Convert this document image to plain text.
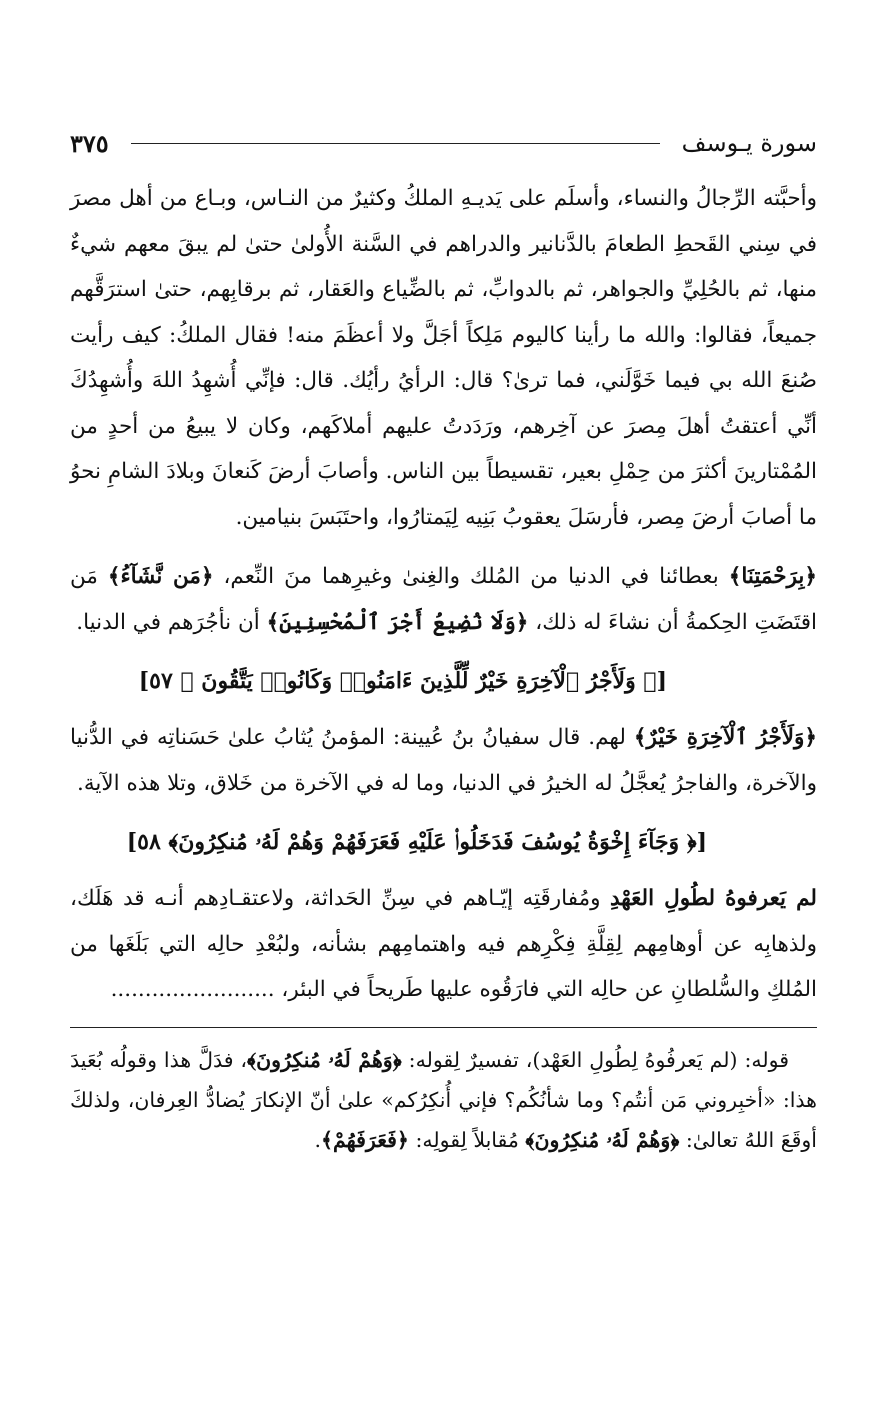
سورة يـوسف
٣٧٥

وأحبَّته الرِّجالُ والنساء، وأسلَم على يَديـهِ الملكُ وكثيرٌ من النـاس، وبـاع من أهل مصرَ في سِني القَحطِ الطعامَ بالدَّنانير والدراهم في السَّنة الأُولىٰ حتىٰ لم يبقَ معهم شيءٌ منها، ثم بالحُلِيِّ والجواهر، ثم بالدوابِّ، ثم بالضِّياع والعَقار، ثم برقابِهم، حتىٰ استرَقَّهم جميعاً، فقالوا: والله ما رأينا كاليوم مَلِكاً أجَلَّ ولا أعظَمَ منه! فقال الملكُ: كيف رأيت صُنعَ الله بي فيما خَوَّلَني، فما ترىٰ؟ قال: الرأيُ رأيُك. قال: فإنِّي أُشهِدُ اللهَ وأُشهِدُكَ أنِّي أعتقتُ أهلَ مِصرَ عن آخِرهم، ورَدَدتُ عليهم أملاكَهم، وكان لا يبيعُ من أحدٍ من المُمْتارينَ أكثرَ من حِمْلِ بعير، تقسيطاً بين الناس. وأصابَ أرضَ كَنعانَ وبلادَ الشامِ نحوُ ما أصابَ أرضَ مِصر، فأرسَلَ يعقوبُ بَنِيه لِيَمتارُوا، واحتَبَسَ بنيامين.

﴿بِرَحْمَتِنَا﴾ بعطائنا في الدنيا من المُلك والغِنىٰ وغيرِهما منَ النِّعم، ﴿مَن نَّشَآءُ﴾ مَن اقتَضَتِ الحِكمةُ أن نشاءَ له ذلك، ﴿وَلَا نُضِيعُ أَجْرَ ٱلْمُحْسِنِينَ﴾ أن نأجُرَهم في الدنيا.

[﴿ وَلَأَجْرُ ٱلْآخِرَةِ خَيْرٌ لِّلَّذِينَ ءَامَنُوا۟ وَكَانُوا۟ يَتَّقُونَ ﴾ ٥٧]

﴿وَلَأَجْرُ ٱلْآخِرَةِ خَيْرٌ﴾ لهم. قال سفيانُ بنُ عُيينة: المؤمنُ يُثابُ علىٰ حَسَناتِه في الدُّنيا والآخرة، والفاجرُ يُعجَّلُ له الخيرُ في الدنيا، وما له في الآخرة من خَلاق، وتلا هذه الآية.

[﴿ وَجَآءَ إِخْوَةُ يُوسُفَ فَدَخَلُوا۟ عَلَيْهِ فَعَرَفَهُمْ وَهُمْ لَهُۥ مُنكِرُونَ﴾ ٥٨]

لم يَعرفوهُ لطُولِ العَهْدِ ومُفارقَتِه إيّـاهم في سِنِّ الحَداثة، ولاعتقـادِهم أنـه قد هَلَك، ولذهابِه عن أوهامِهم لِقِلَّةِ فِكْرِهم فيه واهتمامِهم بشأنه، ولبُعْدِ حالِه التي بَلَغَها من المُلكِ والسُّلطانِ عن حالِه التي فارَقُوه عليها طَريحاً في البئر، ........................

قوله: (لم يَعرفُوهُ لِطُولِ العَهْد)، تفسيرٌ لِقوله: ﴿وَهُمْ لَهُۥ مُنكِرُونَ﴾، فدَلَّ هذا وقولُه بُعَيدَ هذا: «أخبِروني مَن أنتُم؟ وما شأنُكُم؟ فإني أُنكِرُكم» علىٰ أنّ الإنكارَ يُضادُّ العِرفان، ولذلكَ أوقَعَ اللهُ تعالىٰ: ﴿وَهُمْ لَهُۥ مُنكِرُونَ﴾ مُقابلاً لِقولِه: ﴿فَعَرَفَهُمْ﴾.
